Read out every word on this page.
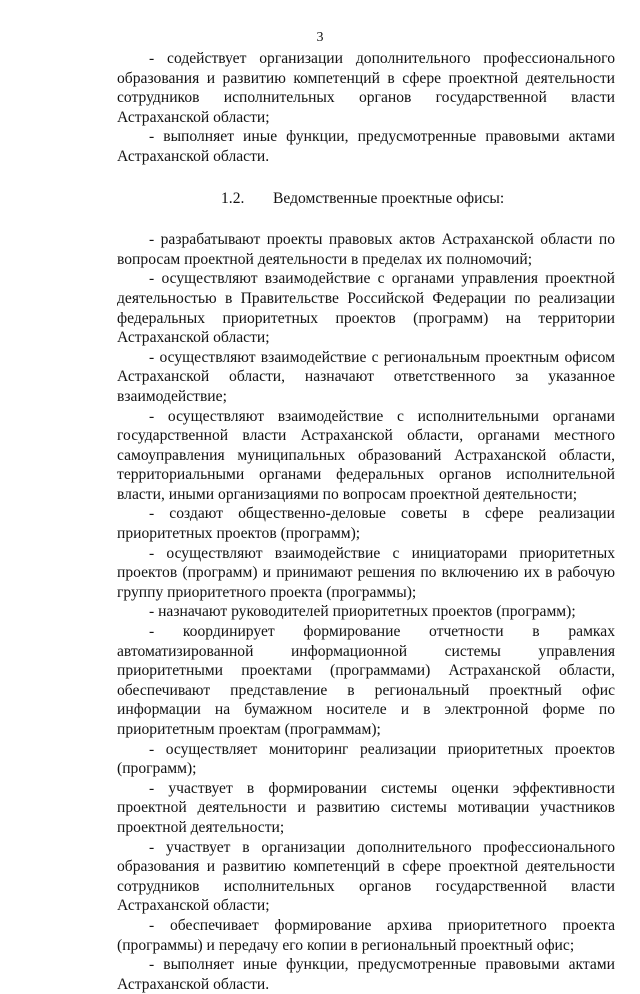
3

- содействует организации дополнительного профессионального образования и развитию компетенций в сфере проектной деятельности сотрудников исполнительных органов государственной власти Астраханской области;

- выполняет иные функции, предусмотренные правовыми актами Астраханской области.

1.2. Ведомственные проектные офисы:

- разрабатывают проекты правовых актов Астраханской области по вопросам проектной деятельности в пределах их полномочий;

- осуществляют взаимодействие с органами управления проектной деятельностью в Правительстве Российской Федерации по реализации федеральных приоритетных проектов (программ) на территории Астраханской области;

- осуществляют взаимодействие с региональным проектным офисом Астраханской области, назначают ответственного за указанное взаимодействие;

- осуществляют взаимодействие с исполнительными органами государственной власти Астраханской области, органами местного самоуправления муниципальных образований Астраханской области, территориальными органами федеральных органов исполнительной власти, иными организациями по вопросам проектной деятельности;

- создают общественно-деловые советы в сфере реализации приоритетных проектов (программ);

- осуществляют взаимодействие с инициаторами приоритетных проектов (программ) и принимают решения по включению их в рабочую группу приоритетного проекта (программы);

- назначают руководителей приоритетных проектов (программ);

- координирует формирование отчетности в рамках автоматизированной информационной системы управления приоритетными проектами (программами) Астраханской области, обеспечивают представление в региональный проектный офис информации на бумажном носителе и в электронной форме по приоритетным проектам (программам);

- осуществляет мониторинг реализации приоритетных проектов (программ);

- участвует в формировании системы оценки эффективности проектной деятельности и развитию системы мотивации участников проектной деятельности;

- участвует в организации дополнительного профессионального образования и развитию компетенций в сфере проектной деятельности сотрудников исполнительных органов государственной власти Астраханской области;

- обеспечивает формирование архива приоритетного проекта (программы) и передачу его копии в региональный проектный офис;

- выполняет иные функции, предусмотренные правовыми актами Астраханской области.
